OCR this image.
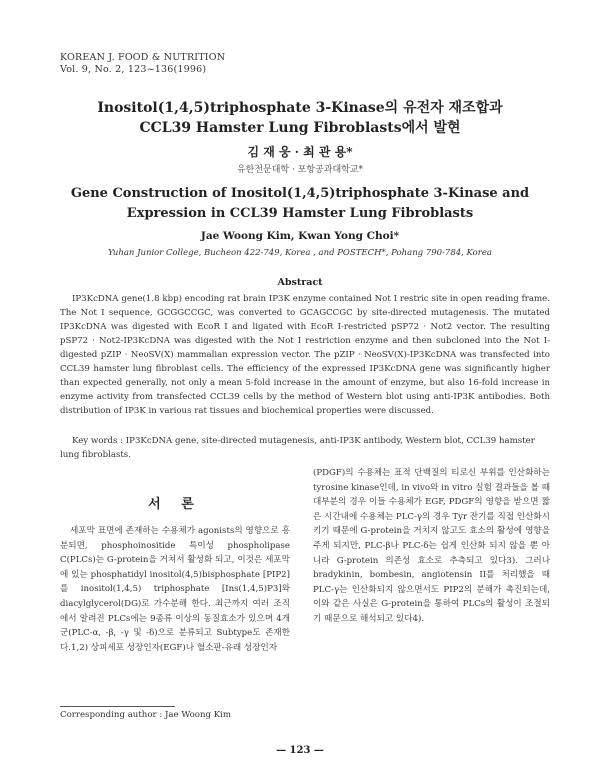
KOREAN J. FOOD & NUTRITION
Vol. 9, No. 2, 123~136(1996)
Inositol(1,4,5)triphosphate 3-Kinase의 유전자 재조합과
CCL39 Hamster Lung Fibroblasts에서 발현
김 재 웅 · 최 관 용*
유한전문대학 · 포항공과대학교*
Gene Construction of Inositol(1,4,5)triphosphate 3-Kinase and
Expression in CCL39 Hamster Lung Fibroblasts
Jae Woong Kim, Kwan Yong Choi*
Yuhan Junior College, Bucheon 422-749, Korea , and POSTECH*, Pohang 790-784, Korea
Abstract

IP3KcDNA gene(1.8 kbp) encoding rat brain IP3K enzyme contained Not I restric site in open reading frame. The Not I sequence, GCGGCCGC, was converted to GCAGCCGC by site-directed mutagenesis. The mutated IP3KcDNA was digested with EcoR I and ligated with EcoR I-restricted pSP72 · Not2 vector. The resulting pSP72 · Not2-IP3KcDNA was digested with the Not I restriction enzyme and then subcloned into the Not I-digested pZIP · NeoSV(X) mammalian expression vector. The pZIP · NeoSV(X)-IP3KcDNA was transfected into CCL39 hamster lung fibroblast cells. The efficiency of the expressed IP3KcDNA gene was significantly higher than expected generally, not only a mean 5-fold increase in the amount of enzyme, but also 16-fold increase in enzyme activity from transfected CCL39 cells by the method of Western blot using anti-IP3K antibodies. Both distribution of IP3K in various rat tissues and biochemical properties were discussed.

Key words : IP3KcDNA gene, site-directed mutagenesis, anti-IP3K antibody, Western blot, CCL39 hamster lung fibroblasts.
서 론

세포막 표면에 존재하는 수용체가 agonists의 영향으로 흥분되면, phosphoinositide 특이성 phospholipase C(PLCs)는 G-protein을 거쳐서 활성화 되고, 이것은 세포막에 있는 phosphatidyl inositol(4,5)bisphosphate [PIP2]를 inositol(1,4,5) triphosphate [Ins(1,4,5)P3]와 diacylglycerol(DG)로 가수분해 한다. 최근까지 여러 조직에서 알려진 PLCs에는 9종류 이상의 동질효소가 있으며 4개군(PLC-α, -β, -γ 및 -δ)으로 분류되고 Subtype도 존재한다.1,2) 상피세포 성장인자(EGF)나 혈소판-유래 성장인자

(PDGF)의 수용체는 표적 단백질의 티로신 부위를 인산화하는 tyrosine kinase인데, in vivo와 in vitro 실험 결과들을 볼 때 대부분의 경우 이들 수용체가 EGF, PDGF의 영향을 받으면 짧은 시간내에 수용체는 PLC-γ의 경우 Tyr 잔기를 직접 인산화시키기 때문에 G-protein을 거치지 않고도 효소의 활성에 영향을 주게 되지만, PLC-β나 PLC-δ는 쉽게 인산화 되지 않을 뿐 아니라 G-protein 의존성 효소로 추측되고 있다3). 그러나 bradykinin, bombesin, angiotensin II를 처리했을 때 PLC-γ는 인산화되지 않으면서도 PIP2의 분해가 촉진되는데, 이와 같은 사실은 G-protein을 통하여 PLCs의 활성이 조절되기 때문으로 해석되고 있다4).

Corresponding author : Jae Woong Kim
— 123 —
